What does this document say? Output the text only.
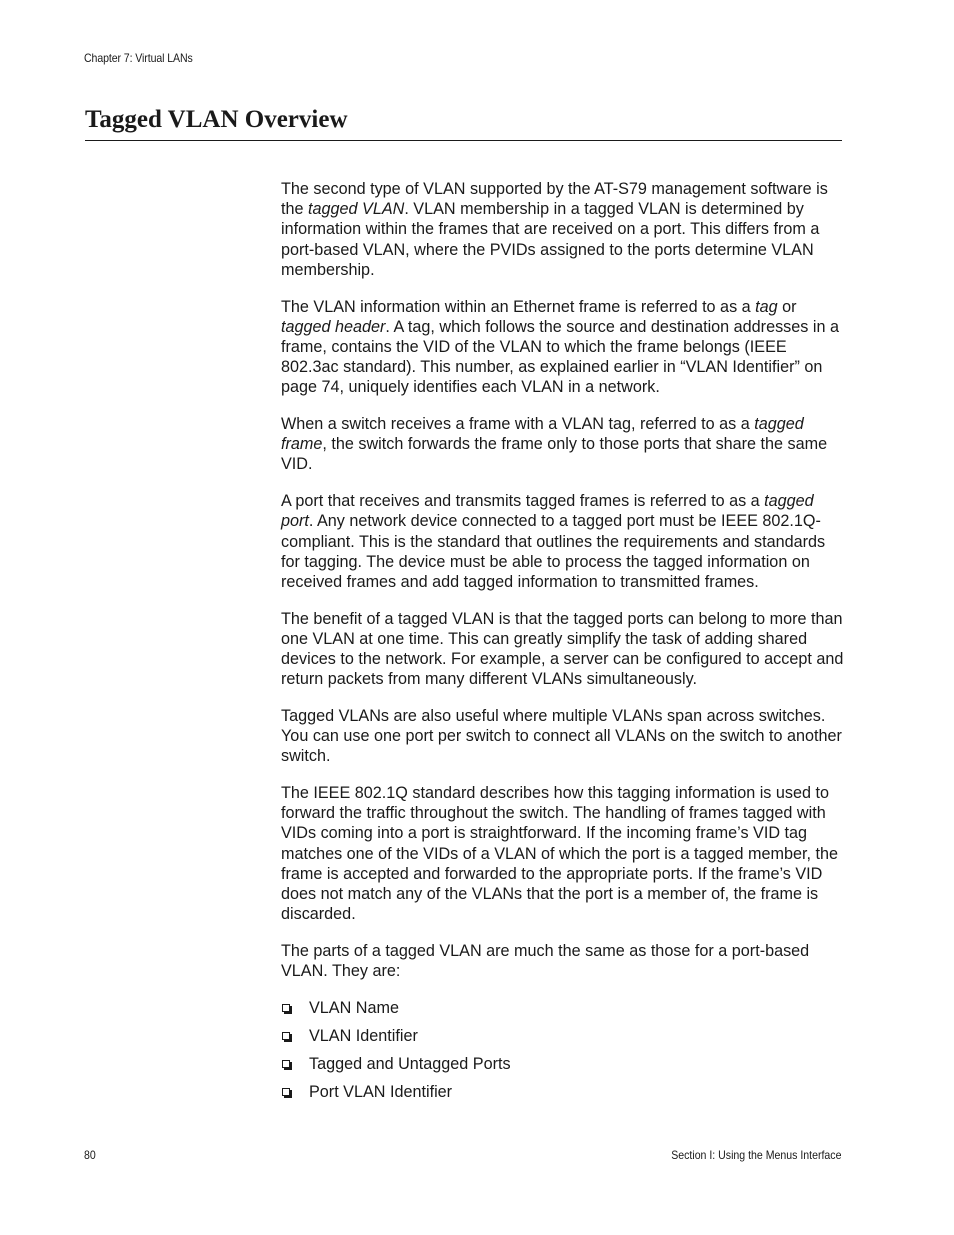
Chapter 7: Virtual LANs
Tagged VLAN Overview

The second type of VLAN supported by the AT-S79 management software is the tagged VLAN. VLAN membership in a tagged VLAN is determined by information within the frames that are received on a port. This differs from a port-based VLAN, where the PVIDs assigned to the ports determine VLAN membership.

The VLAN information within an Ethernet frame is referred to as a tag or tagged header. A tag, which follows the source and destination addresses in a frame, contains the VID of the VLAN to which the frame belongs (IEEE 802.3ac standard). This number, as explained earlier in “VLAN Identifier” on page 74, uniquely identifies each VLAN in a network.

When a switch receives a frame with a VLAN tag, referred to as a tagged frame, the switch forwards the frame only to those ports that share the same VID.

A port that receives and transmits tagged frames is referred to as a tagged port. Any network device connected to a tagged port must be IEEE 802.1Q-compliant. This is the standard that outlines the requirements and standards for tagging. The device must be able to process the tagged information on received frames and add tagged information to transmitted frames.

The benefit of a tagged VLAN is that the tagged ports can belong to more than one VLAN at one time. This can greatly simplify the task of adding shared devices to the network. For example, a server can be configured to accept and return packets from many different VLANs simultaneously.

Tagged VLANs are also useful where multiple VLANs span across switches. You can use one port per switch to connect all VLANs on the switch to another switch.

The IEEE 802.1Q standard describes how this tagging information is used to forward the traffic throughout the switch. The handling of frames tagged with VIDs coming into a port is straightforward. If the incoming frame’s VID tag matches one of the VIDs of a VLAN of which the port is a tagged member, the frame is accepted and forwarded to the appropriate ports. If the frame’s VID does not match any of the VLANs that the port is a member of, the frame is discarded.

The parts of a tagged VLAN are much the same as those for a port-based VLAN. They are:

VLAN Name
VLAN Identifier
Tagged and Untagged Ports
Port VLAN Identifier
80	Section I: Using the Menus Interface
